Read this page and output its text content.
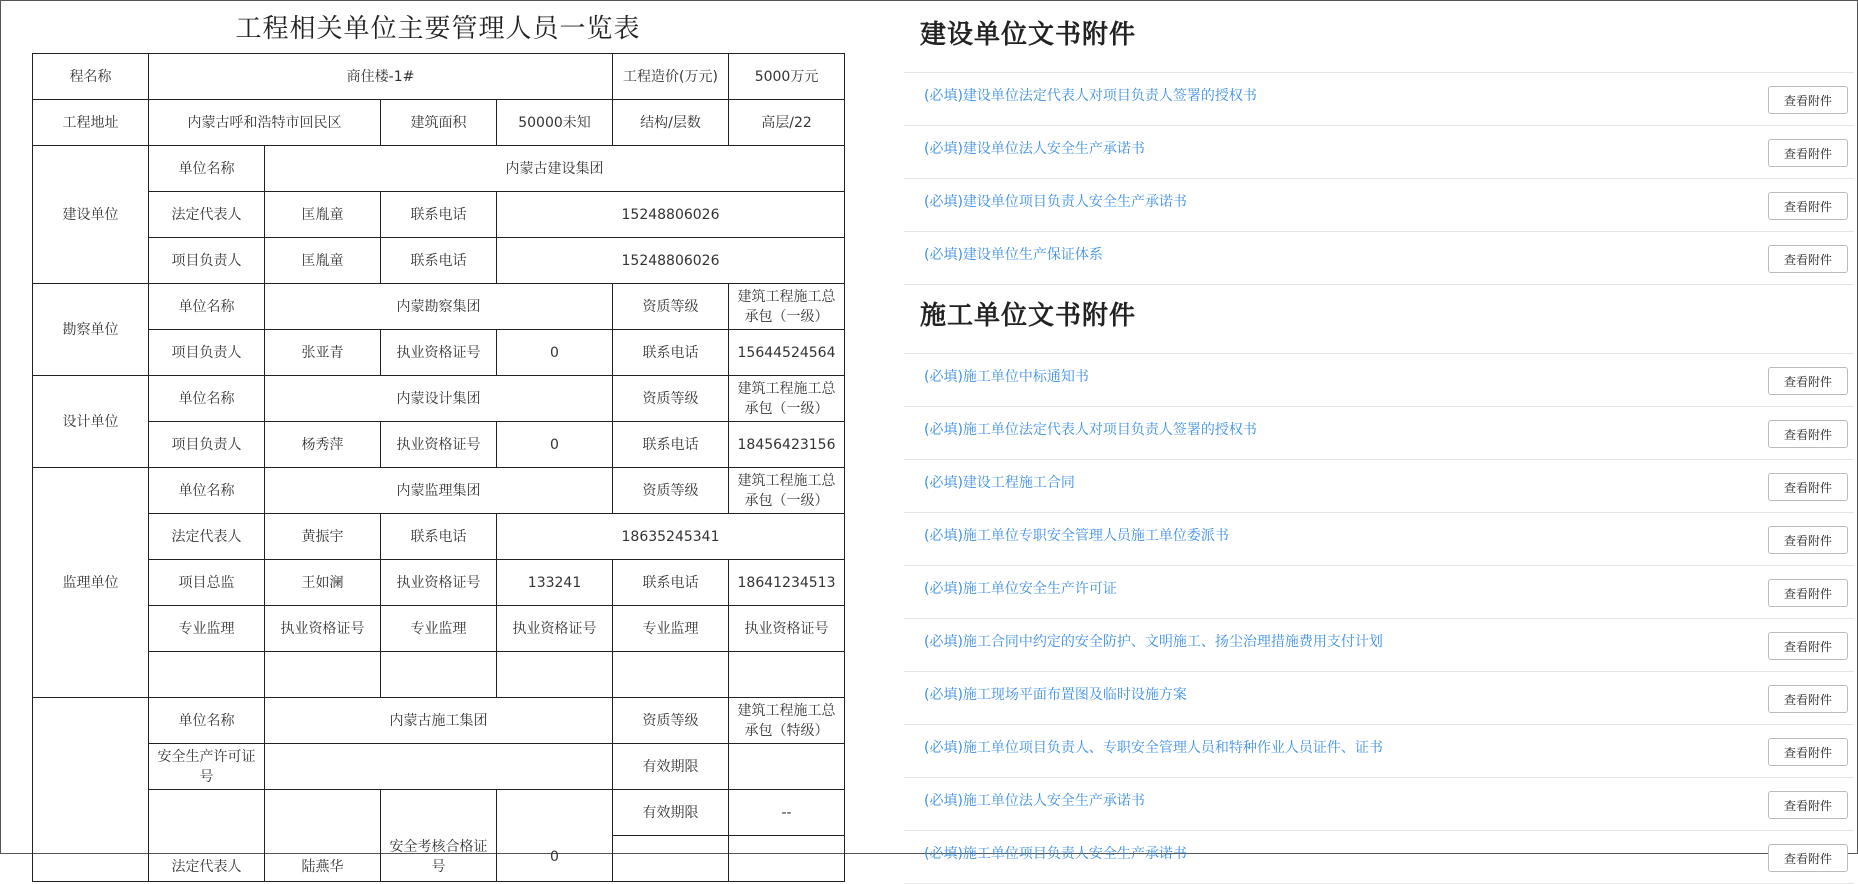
工程相关单位主要管理人员一览表
程名称	商住楼-1#				工程造价(万元)	5000万元
工程地址	内蒙古呼和浩特市回民区		建筑面积	50000未知	结构/层数	高层/22
建设单位	单位名称	内蒙古建设集团				
	法定代表人	匡胤童	联系电话	15248806026		
	项目负责人	匡胤童	联系电话	15248806026		
勘察单位	单位名称	内蒙勘察集团			资质等级	建筑工程施工总承包（一级）
	项目负责人	张亚青	执业资格证号	0	联系电话	15644524564
设计单位	单位名称	内蒙设计集团			资质等级	建筑工程施工总承包（一级）
	项目负责人	杨秀萍	执业资格证号	0	联系电话	18456423156
监理单位	单位名称	内蒙监理集团			资质等级	建筑工程施工总承包（一级）
	法定代表人	黄振宇	联系电话	18635245341		
	项目总监	王如澜	执业资格证号	133241	联系电话	18641234513
	专业监理	执业资格证号	专业监理	执业资格证号	专业监理	执业资格证号

	单位名称	内蒙古施工集团			资质等级	建筑工程施工总承包（特级）
	安全生产许可证号				有效期限	
	法定代表人	陆燕华	安全考核合格证号	0	有效期限	--

建设单位文书附件
(必填)建设单位法定代表人对项目负责人签署的授权书	查看附件
(必填)建设单位法人安全生产承诺书	查看附件
(必填)建设单位项目负责人安全生产承诺书	查看附件
(必填)建设单位生产保证体系	查看附件
施工单位文书附件
(必填)施工单位中标通知书	查看附件
(必填)施工单位法定代表人对项目负责人签署的授权书	查看附件
(必填)建设工程施工合同	查看附件
(必填)施工单位专职安全管理人员施工单位委派书	查看附件
(必填)施工单位安全生产许可证	查看附件
(必填)施工合同中约定的安全防护、文明施工、扬尘治理措施费用支付计划	查看附件
(必填)施工现场平面布置图及临时设施方案	查看附件
(必填)施工单位项目负责人、专职安全管理人员和特种作业人员证件、证书	查看附件
(必填)施工单位法人安全生产承诺书	查看附件
(必填)施工单位项目负责人安全生产承诺书	查看附件
